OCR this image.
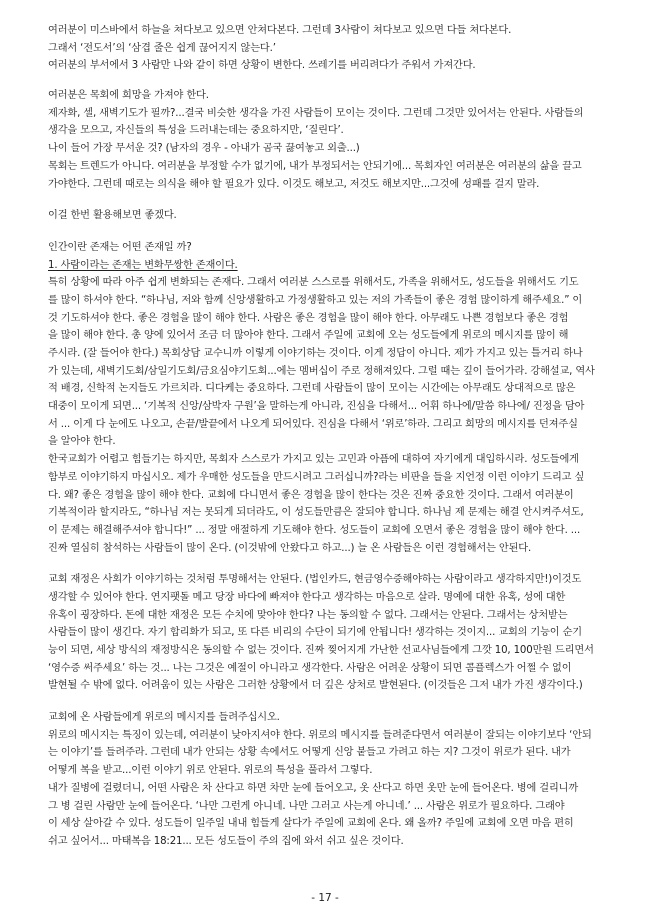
여러분이 미스바에서 하늘을 쳐다보고 있으면 안쳐다본다. 그런데 3사람이 쳐다보고 있으면 다들 쳐다본다.
그래서 ‘전도서’의 ‘삼겹 줄은 쉽게 끊어지지 않는다.’
여러분의 부서에서 3 사람만 나와 같이 하면 상황이 변한다. 쓰레기를 버리려다가 주워서 가져간다.
여러분은 목회에 희망을 가져야 한다.
제자화, 셀, 새벽기도가 필까?...결국 비슷한 생각을 가진 사람들이 모이는 것이다. 그런데 그것만 있어서는 안된다. 사람들의
생각을 모으고, 자신들의 특성을 드러내는데는 중요하지만, ‘질린다’.
나이 들어 가장 무서운 것? (남자의 경우 - 아내가 곰국 끓여놓고 외출...)
목회는 트렌드가 아니다. 여러분을 부정할 수가 없기에, 내가 부정되서는 안되기에... 목회자인 여러분은 여러분의 삶을 끌고
가야한다. 그런데 때로는 의식을 해야 할 필요가 있다. 이것도 해보고, 저것도 해보지만...그것에 성패를 걸지 말라.
이걸 한번 활용해보면 좋겠다.
인간이란 존재는 어떤 존재일 까?
1. 사람이라는 존재는 변화무쌍한 존재이다.
특히 상황에 따라 아주 쉽게 변화되는 존재다. 그래서 여러분 스스로를 위해서도, 가족을 위해서도, 성도들을 위해서도 기도
를 많이 하셔야 한다. “하나님, 저와 함께 신앙생활하고 가정생활하고 있는 저의 가족들이 좋은 경험 많이하게 해주세요.” 이
것 기도하셔야 한다. 좋은 경험을 많이 해야 한다. 사람은 좋은 경험을 많이 해야 한다. 아무래도 나쁜 경험보다 좋은 경험
을 많이 해야 한다. 총 양에 있어서 조금 더 많아야 한다. 그래서 주일에 교회에 오는 성도들에게 위로의 메시지를 많이 해
주시라. (잘 들어야 한다.) 목회상담 교수니까 이렇게 이야기하는 것이다. 이게 정답이 아니다. 제가 가지고 있는 틀거리 하나
가 있는데, 새벽기도회/삼일기도회/금요심야기도회...에는 멤버십이 주로 정해져있다. 그럴 때는 깊이 들어가라. 강해설교, 역사
적 배경, 신학적 논지들도 가르치라. 디다케는 중요하다. 그런데 사람들이 많이 모이는 시간에는 아무래도 상대적으로 많은
대중이 모이게 되면... ‘기복적 신앙/삼박자 구원’을 말하는게 아니라, 진심을 다해서... 어휘 하나에/말씀 하나에/ 진정을 담아
서 ... 이게 다 눈에도 나오고, 손끝/발끝에서 나오게 되어있다. 진심을 다해서 ‘위로’하라. 그리고 희망의 메시지를 던져주실
을 알아야 한다.
한국교회가 어렵고 힘들기는 하지만, 목회자 스스로가 가지고 있는 고민과 아픔에 대하여 자기에게 대입하시라. 성도들에게
함부로 이야기하지 마십시오. 제가 우매한 성도들을 만드시려고 그러십니까?라는 비판을 들을 지언정 이런 이야기 드리고 싶
다. 왜? 좋은 경험을 많이 해야 한다. 교회에 다니면서 좋은 경험을 많이 한다는 것은 진짜 중요한 것이다. 그래서 여러분이
기복적이라 할지라도, “하나님 저는 못되게 되더라도, 이 성도들만큼은 잘되야 합니다. 하나님 제 문제는 해결 안시켜주셔도,
이 문제는 해결해주셔야 합니다!” ... 정말 애절하게 기도해야 한다. 성도들이 교회에 오면서 좋은 경험을 많이 해야 한다. ...
진짜 열심히 참석하는 사람들이 많이 온다. (이것밖에 안왔다고 하고...) 늘 온 사람들은 이런 경험해서는 안된다.
교회 재정은 사회가 이야기하는 것처럼 투명해서는 안된다. (법인카드, 현금영수증해야하는 사람이라고 생각하지만!)이것도
생각할 수 있어야 한다. 연지팻돌 메고 당장 바다에 빠져야 한다고 생각하는 마음으로 살라. 명예에 대한 유혹, 성에 대한
유혹이 굉장하다. 돈에 대한 재정은 모든 수치에 맞아야 한다? 나는 동의할 수 없다. 그래서는 안된다. 그래서는 상처받는
사람들이 많이 생긴다. 자기 합리화가 되고, 또 다른 비리의 수단이 되기에 안됩니다! 생각하는 것이지... 교회의 기능이 순기
능이 되면, 세상 방식의 재정방식은 동의할 수 없는 것이다. 진짜 찢어지게 가난한 선교사님들에게 그깟 10, 100만원 드리면서
‘영수증 써주세요’ 하는 것... 나는 그것은 예절이 아니라고 생각한다. 사람은 어려운 상황이 되면 콤플렉스가 어쩔 수 없이
발현될 수 밖에 없다. 어려움이 있는 사람은 그러한 상황에서 더 깊은 상처로 발현된다. (이것들은 그저 내가 가진 생각이다.)
교회에 온 사람들에게 위로의 메시지를 들려주십시오.
위로의 메시지는 특징이 있는데, 여러분이 낮아지셔야 한다. 위로의 메시지를 들려준다면서 여러분이 잘되는 이야기보다 ‘안되
는 이야기’를 들려주라. 그런데 내가 안되는 상황 속에서도 어떻게 신앙 붙들고 가려고 하는 지? 그것이 위로가 된다. 내가
어떻게 복을 받고...이런 이야기 위로 안된다. 위로의 특성을 풀라서 그렇다.
내가 질병에 걸렸더니, 어떤 사람은 차 산다고 하면 차만 눈에 들어오고, 옷 산다고 하면 옷만 눈에 들어온다. 병에 걸리니까
그 병 걸린 사람만 눈에 들어온다. ‘나만 그런게 아니네. 나만 그러고 사는게 아니네.’ ... 사람은 위로가 필요하다. 그래야
이 세상 살아갈 수 있다. 성도들이 일주일 내내 힘들게 살다가 주일에 교회에 온다. 왜 올까? 주일에 교회에 오면 마음 편히
쉬고 싶어서... 마태복음 18:21... 모든 성도들이 주의 집에 와서 쉬고 싶은 것이다.
- 17 -
